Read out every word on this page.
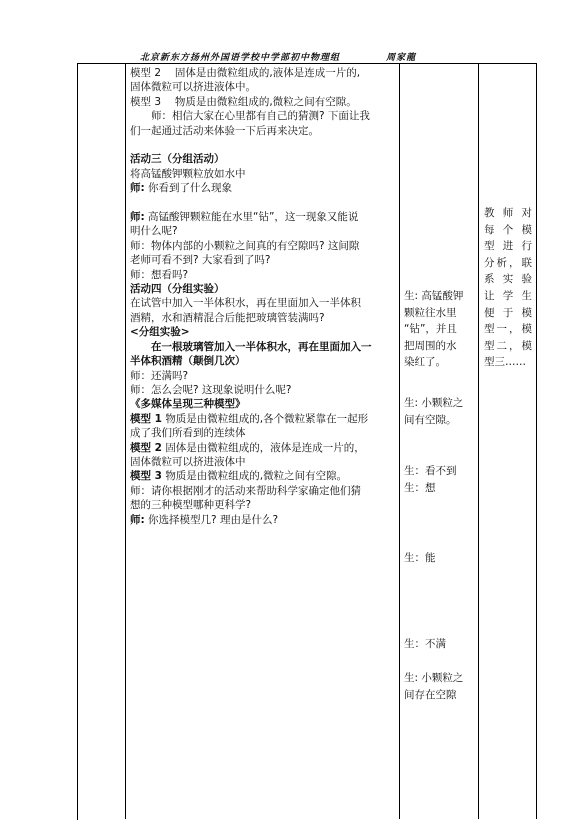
北京新东方扬州外国语学校中学部初中物理组	周家龍

模型 2　 固体是由微粒组成的,液体是连成一片的,

固体微粒可以挤进液体中。

模型 3　 物质是由微粒组成的,微粒之间有空隙。

师：相信大家在心里都有自己的猜测? 下面让我

们一起通过活动来体验一下后再来决定。

活动三（分组活动）

将高锰酸钾颗粒放如水中

师: 你看到了什么现象

师: 高锰酸钾颗粒能在水里“钻”，这一现象又能说

明什么呢?

师：物体内部的小颗粒之间真的有空隙吗? 这间隙

老师可看不到? 大家看到了吗?

师：想看吗?

活动四（分组实验）

在试管中加入一半体积水，再在里面加入一半体积

酒精，水和酒精混合后能把玻璃管装满吗?

<分组实验>

在一根玻璃管加入一半体积水，再在里面加入一

半体积酒精（颠倒几次）

师：还满吗?

师：怎么会呢? 这现象说明什么呢?

《多媒体呈现三种模型》

模型 1 物质是由微粒组成的,各个微粒紧靠在一起形

成了我们所看到的连续体

模型 2 固体是由微粒组成的，液体是连成一片的，

固体微粒可以挤进液体中

模型 3 物质是由微粒组成的,微粒之间有空隙。

师：请你根据刚才的活动来帮助科学家确定他们猜

想的三种模型哪种更科学?

师: 你选择模型几? 理由是什么?

生: 高锰酸钾

颗粒往水里

“钻”，并且

把周围的水

染红了。

生: 小颗粒之

间有空隙。

生：看不到

生：想

生：能

生：不满

生: 小颗粒之

间存在空隙

教师对

每个模

型进行

分析，联

系实验

让学生

便于模

型一，模

型二，模

型三……
